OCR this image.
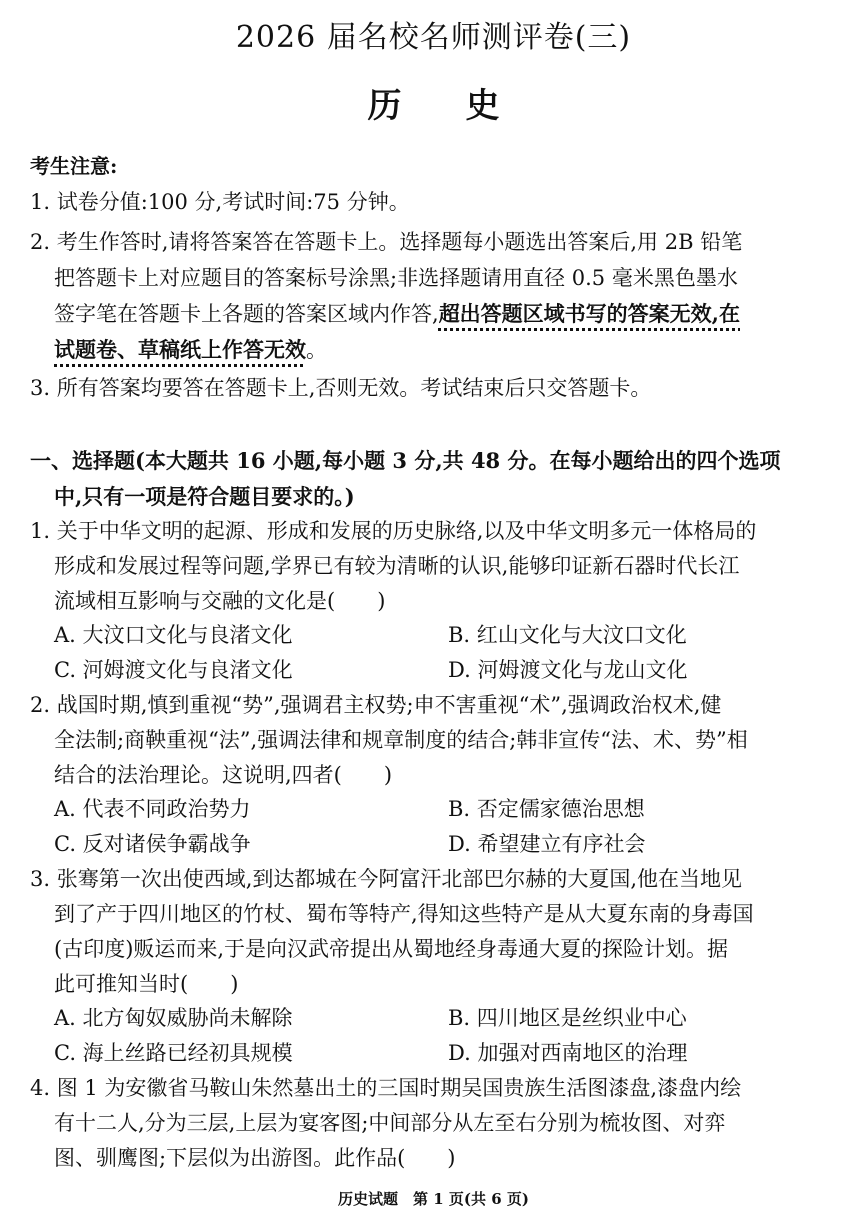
2026 届名校名师测评卷(三)
历史
考生注意:
1. 试卷分值:100 分,考试时间:75 分钟。
2. 考生作答时,请将答案答在答题卡上。选择题每小题选出答案后,用 2B 铅笔
把答题卡上对应题目的答案标号涂黑;非选择题请用直径 0.5 毫米黑色墨水
签字笔在答题卡上各题的答案区域内作答,超出答题区域书写的答案无效,在
试题卷、草稿纸上作答无效。
3. 所有答案均要答在答题卡上,否则无效。考试结束后只交答题卡。
一、选择题(本大题共 16 小题,每小题 3 分,共 48 分。在每小题给出的四个选项
中,只有一项是符合题目要求的。)
1. 关于中华文明的起源、形成和发展的历史脉络,以及中华文明多元一体格局的
形成和发展过程等问题,学界已有较为清晰的认识,能够印证新石器时代长江
流域相互影响与交融的文化是(　　)
A. 大汶口文化与良渚文化	B. 红山文化与大汶口文化
C. 河姆渡文化与良渚文化	D. 河姆渡文化与龙山文化
2. 战国时期,慎到重视“势”,强调君主权势;申不害重视“术”,强调政治权术,健
全法制;商鞅重视“法”,强调法律和规章制度的结合;韩非宣传“法、术、势”相
结合的法治理论。这说明,四者(　　)
A. 代表不同政治势力	B. 否定儒家德治思想
C. 反对诸侯争霸战争	D. 希望建立有序社会
3. 张骞第一次出使西域,到达都城在今阿富汗北部巴尔赫的大夏国,他在当地见
到了产于四川地区的竹杖、蜀布等特产,得知这些特产是从大夏东南的身毒国
(古印度)贩运而来,于是向汉武帝提出从蜀地经身毒通大夏的探险计划。据
此可推知当时(　　)
A. 北方匈奴威胁尚未解除	B. 四川地区是丝织业中心
C. 海上丝路已经初具规模	D. 加强对西南地区的治理
4. 图 1 为安徽省马鞍山朱然墓出土的三国时期吴国贵族生活图漆盘,漆盘内绘
有十二人,分为三层,上层为宴客图;中间部分从左至右分别为梳妆图、对弈
图、驯鹰图;下层似为出游图。此作品(　　)
历史试题　第 1 页(共 6 页)
